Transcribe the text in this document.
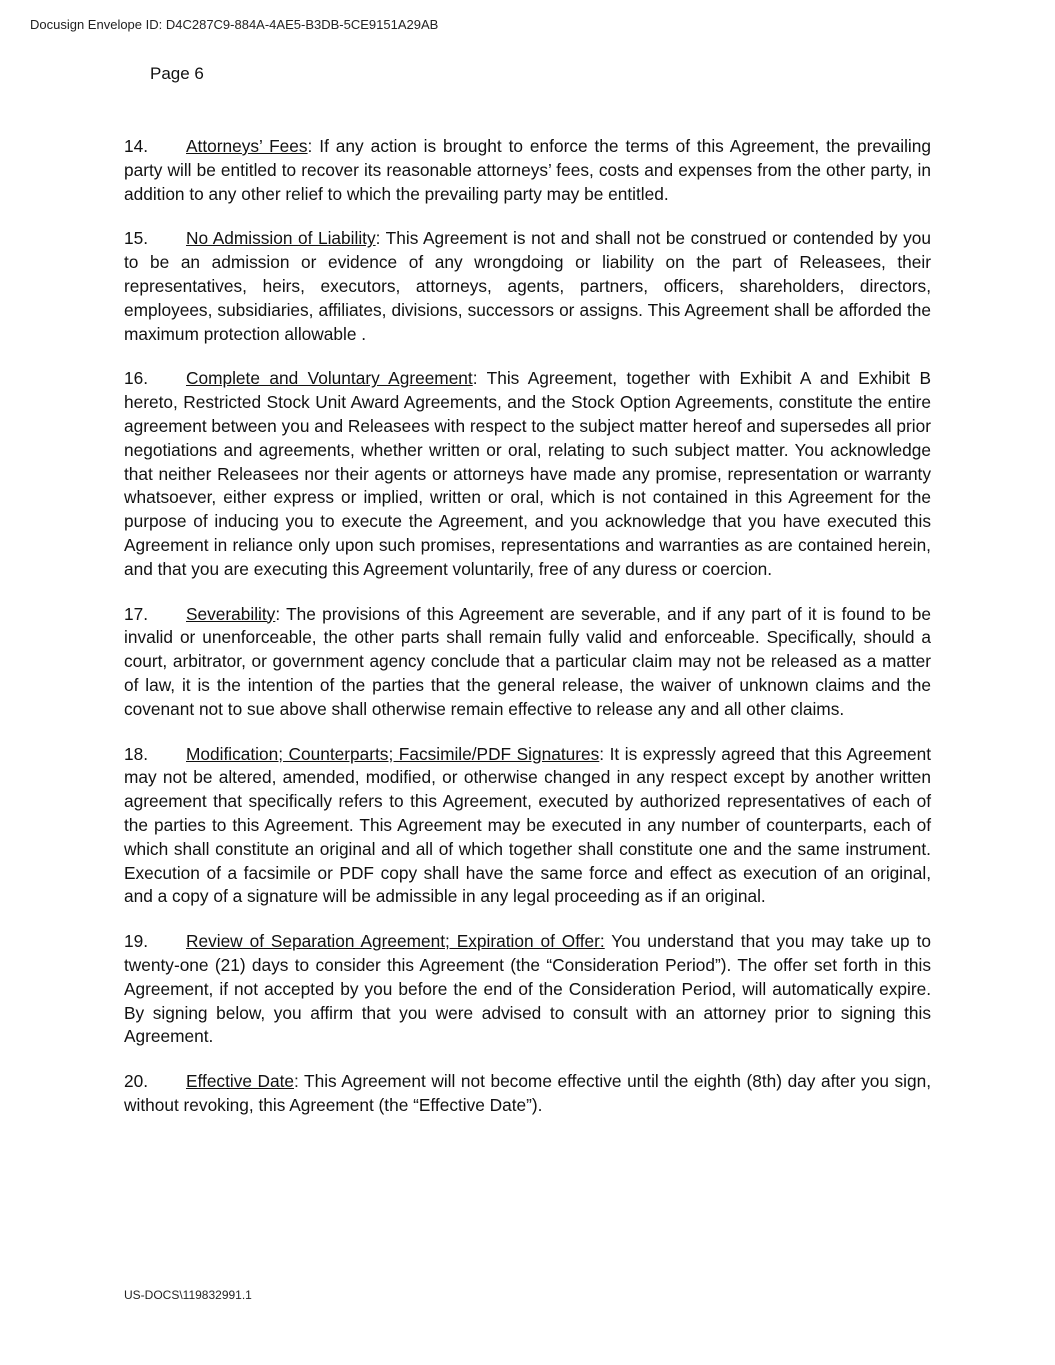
Docusign Envelope ID: D4C287C9-884A-4AE5-B3DB-5CE9151A29AB
Page 6

14. Attorneys’ Fees: If any action is brought to enforce the terms of this Agreement, the prevailing party will be entitled to recover its reasonable attorneys’ fees, costs and expenses from the other party, in addition to any other relief to which the prevailing party may be entitled.

15. No Admission of Liability: This Agreement is not and shall not be construed or contended by you to be an admission or evidence of any wrongdoing or liability on the part of Releasees, their representatives, heirs, executors, attorneys, agents, partners, officers, shareholders, directors, employees, subsidiaries, affiliates, divisions, successors or assigns. This Agreement shall be afforded the maximum protection allowable .

16. Complete and Voluntary Agreement: This Agreement, together with Exhibit A and Exhibit B hereto, Restricted Stock Unit Award Agreements, and the Stock Option Agreements, constitute the entire agreement between you and Releasees with respect to the subject matter hereof and supersedes all prior negotiations and agreements, whether written or oral, relating to such subject matter. You acknowledge that neither Releasees nor their agents or attorneys have made any promise, representation or warranty whatsoever, either express or implied, written or oral, which is not contained in this Agreement for the purpose of inducing you to execute the Agreement, and you acknowledge that you have executed this Agreement in reliance only upon such promises, representations and warranties as are contained herein, and that you are executing this Agreement voluntarily, free of any duress or coercion.

17. Severability: The provisions of this Agreement are severable, and if any part of it is found to be invalid or unenforceable, the other parts shall remain fully valid and enforceable. Specifically, should a court, arbitrator, or government agency conclude that a particular claim may not be released as a matter of law, it is the intention of the parties that the general release, the waiver of unknown claims and the covenant not to sue above shall otherwise remain effective to release any and all other claims.

18. Modification; Counterparts; Facsimile/PDF Signatures: It is expressly agreed that this Agreement may not be altered, amended, modified, or otherwise changed in any respect except by another written agreement that specifically refers to this Agreement, executed by authorized representatives of each of the parties to this Agreement. This Agreement may be executed in any number of counterparts, each of which shall constitute an original and all of which together shall constitute one and the same instrument. Execution of a facsimile or PDF copy shall have the same force and effect as execution of an original, and a copy of a signature will be admissible in any legal proceeding as if an original.

19. Review of Separation Agreement; Expiration of Offer: You understand that you may take up to twenty-one (21) days to consider this Agreement (the “Consideration Period”). The offer set forth in this Agreement, if not accepted by you before the end of the Consideration Period, will automatically expire. By signing below, you affirm that you were advised to consult with an attorney prior to signing this Agreement.

20. Effective Date: This Agreement will not become effective until the eighth (8th) day after you sign, without revoking, this Agreement (the “Effective Date”).

US-DOCS\119832991.1
